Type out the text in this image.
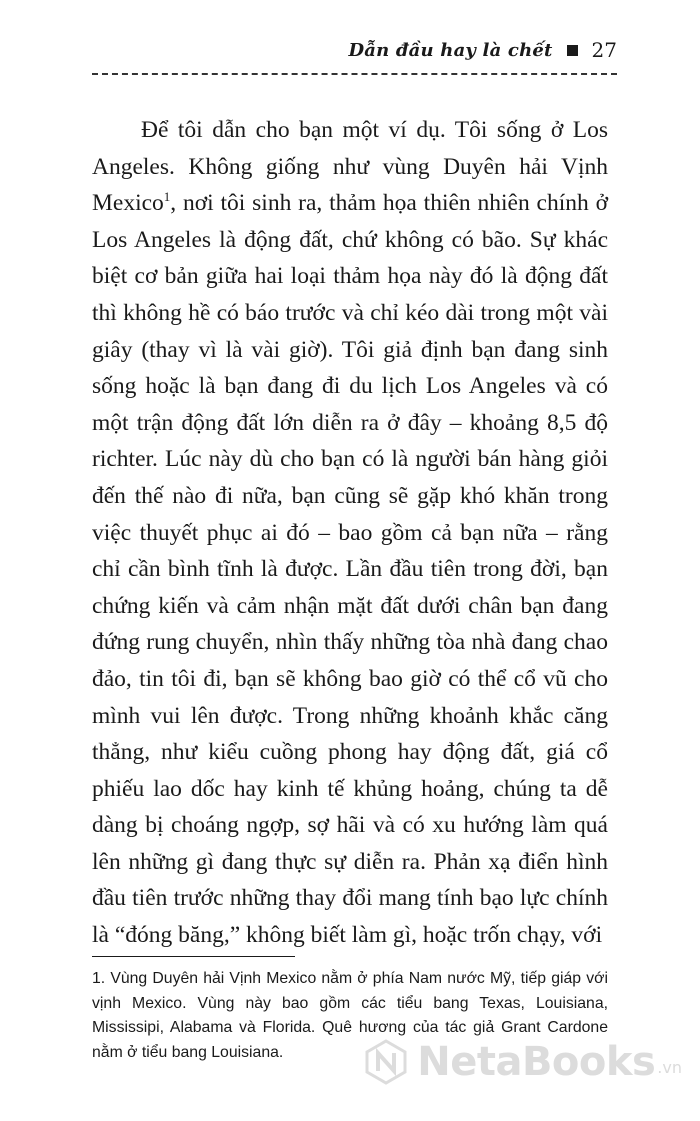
Dẫn đầu hay là chết 27

Để tôi dẫn cho bạn một ví dụ. Tôi sống ở Los Angeles. Không giống như vùng Duyên hải Vịnh Mexico$^1$, nơi tôi sinh ra, thảm họa thiên nhiên chính ở Los Angeles là động đất, chứ không có bão. Sự khác biệt cơ bản giữa hai loại thảm họa này đó là động đất thì không hề có báo trước và chỉ kéo dài trong một vài giây (thay vì là vài giờ). Tôi giả định bạn đang sinh sống hoặc là bạn đang đi du lịch Los Angeles và có một trận động đất lớn diễn ra ở đây – khoảng 8,5 độ richter. Lúc này dù cho bạn có là người bán hàng giỏi đến thế nào đi nữa, bạn cũng sẽ gặp khó khăn trong việc thuyết phục ai đó – bao gồm cả bạn nữa – rằng chỉ cần bình tĩnh là được. Lần đầu tiên trong đời, bạn chứng kiến và cảm nhận mặt đất dưới chân bạn đang đứng rung chuyển, nhìn thấy những tòa nhà đang chao đảo, tin tôi đi, bạn sẽ không bao giờ có thể cổ vũ cho mình vui lên được. Trong những khoảnh khắc căng thẳng, như kiểu cuồng phong hay động đất, giá cổ phiếu lao dốc hay kinh tế khủng hoảng, chúng ta dễ dàng bị choáng ngợp, sợ hãi và có xu hướng làm quá lên những gì đang thực sự diễn ra. Phản xạ điển hình đầu tiên trước những thay đổi mang tính bạo lực chính là “đóng băng,” không biết làm gì, hoặc trốn chạy, với

1. Vùng Duyên hải Vịnh Mexico nằm ở phía Nam nước Mỹ, tiếp giáp với vịnh Mexico. Vùng này bao gồm các tiểu bang Texas, Louisiana, Mississipi, Alabama và Florida. Quê hương của tác giả Grant Cardone nằm ở tiểu bang Louisiana.	NetaBooks .vn
